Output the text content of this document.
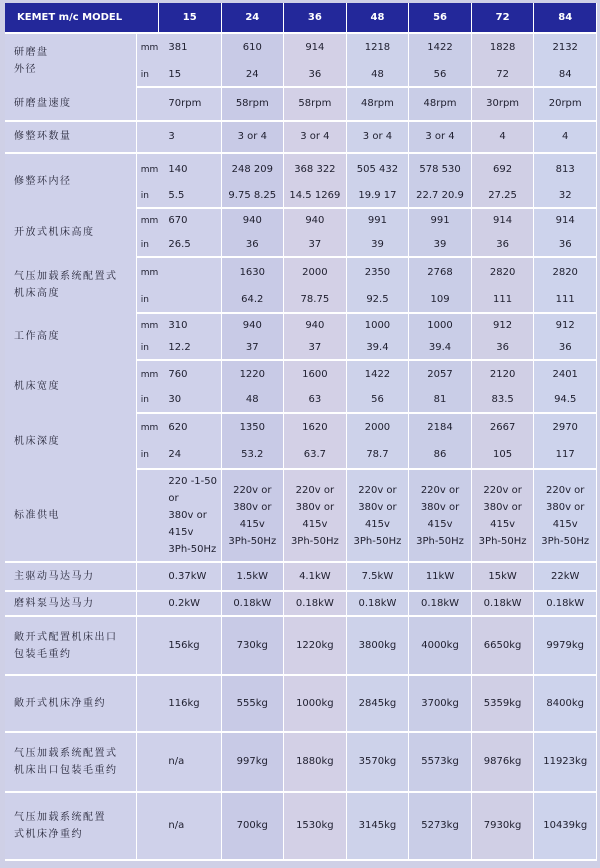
KEMET m/c MODEL		15	24	36	48	56	72	84
研磨盘
外径	mm	381	610	914	1218	1422	1828	2132
	in	15	24	36	48	56	72	84
研磨盘速度		70rpm	58rpm	58rpm	48rpm	48rpm	30rpm	20rpm
修整环数量		3	3 or 4	3 or 4	3 or 4	3 or 4	4	4
修整环内径	mm	140	248 209	368 322	505 432	578 530	692	813
	in	5.5	9.75 8.25	14.5 1269	19.9 17	22.7 20.9	27.25	32
开放式机床高度	mm	670	940	940	991	991	914	914
	in	26.5	36	37	39	39	36	36
气压加载系统配置式
机床高度	mm		1630	2000	2350	2768	2820	2820
	in		64.2	78.75	92.5	109	111	111
工作高度	mm	310	940	940	1000	1000	912	912
	in	12.2	37	37	39.4	39.4	36	36
机床宽度	mm	760	1220	1600	1422	2057	2120	2401
	in	30	48	63	56	81	83.5	94.5
机床深度	mm	620	1350	1620	2000	2184	2667	2970
	in	24	53.2	63.7	78.7	86	105	117
标准供电		220 -1-50 or
380v or
415v
3Ph-50Hz	220v or
380v or
415v
3Ph-50Hz	220v or
380v or
415v
3Ph-50Hz	220v or
380v or
415v
3Ph-50Hz	220v or
380v or
415v
3Ph-50Hz	220v or
380v or
415v
3Ph-50Hz	220v or
380v or
415v
3Ph-50Hz
主驱动马达马力		0.37kW	1.5kW	4.1kW	7.5kW	11kW	15kW	22kW
磨料泵马达马力		0.2kW	0.18kW	0.18kW	0.18kW	0.18kW	0.18kW	0.18kW
敞开式配置机床出口
包装毛重约		156kg	730kg	1220kg	3800kg	4000kg	6650kg	9979kg
敞开式机床净重约		116kg	555kg	1000kg	2845kg	3700kg	5359kg	8400kg
气压加载系统配置式
机床出口包装毛重约		n/a	997kg	1880kg	3570kg	5573kg	9876kg	11923kg
气压加载系统配置
式机床净重约		n/a	700kg	1530kg	3145kg	5273kg	7930kg	10439kg
